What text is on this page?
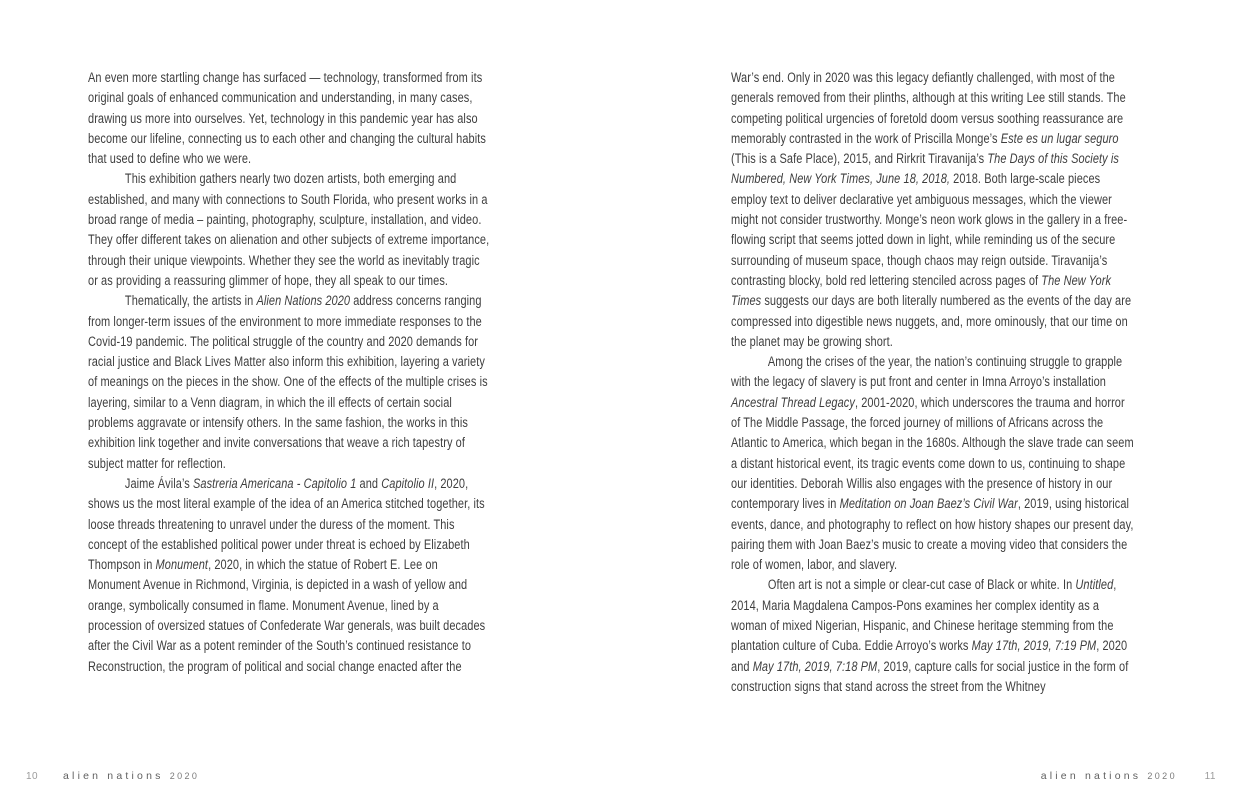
An even more startling change has surfaced — technology, transformed from its original goals of enhanced communication and understanding, in many cases, drawing us more into ourselves. Yet, technology in this pandemic year has also become our lifeline, connecting us to each other and changing the cultural habits that used to define who we were.

This exhibition gathers nearly two dozen artists, both emerging and established, and many with connections to South Florida, who present works in a broad range of media – painting, photography, sculpture, installation, and video. They offer different takes on alienation and other subjects of extreme importance, through their unique viewpoints. Whether they see the world as inevitably tragic or as providing a reassuring glimmer of hope, they all speak to our times.

Thematically, the artists in Alien Nations 2020 address concerns ranging from longer-term issues of the environment to more immediate responses to the Covid-19 pandemic. The political struggle of the country and 2020 demands for racial justice and Black Lives Matter also inform this exhibition, layering a variety of meanings on the pieces in the show. One of the effects of the multiple crises is layering, similar to a Venn diagram, in which the ill effects of certain social problems aggravate or intensify others. In the same fashion, the works in this exhibition link together and invite conversations that weave a rich tapestry of subject matter for reflection.

Jaime Ávila’s Sastreria Americana - Capitolio 1 and Capitolio II, 2020, shows us the most literal example of the idea of an America stitched together, its loose threads threatening to unravel under the duress of the moment. This concept of the established political power under threat is echoed by Elizabeth Thompson in Monument, 2020, in which the statue of Robert E. Lee on Monument Avenue in Richmond, Virginia, is depicted in a wash of yellow and orange, symbolically consumed in flame. Monument Avenue, lined by a procession of oversized statues of Confederate War generals, was built decades after the Civil War as a potent reminder of the South’s continued resistance to Reconstruction, the program of political and social change enacted after the

War’s end. Only in 2020 was this legacy defiantly challenged, with most of the generals removed from their plinths, although at this writing Lee still stands. The competing political urgencies of foretold doom versus soothing reassurance are memorably contrasted in the work of Priscilla Monge’s Este es un lugar seguro (This is a Safe Place), 2015, and Rirkrit Tiravanija’s The Days of this Society is Numbered, New York Times, June 18, 2018, 2018. Both large-scale pieces employ text to deliver declarative yet ambiguous messages, which the viewer might not consider trustworthy. Monge’s neon work glows in the gallery in a free-flowing script that seems jotted down in light, while reminding us of the secure surrounding of museum space, though chaos may reign outside. Tiravanija’s contrasting blocky, bold red lettering stenciled across pages of The New York Times suggests our days are both literally numbered as the events of the day are compressed into digestible news nuggets, and, more ominously, that our time on the planet may be growing short.

Among the crises of the year, the nation’s continuing struggle to grapple with the legacy of slavery is put front and center in Imna Arroyo’s installation Ancestral Thread Legacy, 2001-2020, which underscores the trauma and horror of The Middle Passage, the forced journey of millions of Africans across the Atlantic to America, which began in the 1680s. Although the slave trade can seem a distant historical event, its tragic events come down to us, continuing to shape our identities. Deborah Willis also engages with the presence of history in our contemporary lives in Meditation on Joan Baez’s Civil War, 2019, using historical events, dance, and photography to reflect on how history shapes our present day, pairing them with Joan Baez’s music to create a moving video that considers the role of women, labor, and slavery.

Often art is not a simple or clear-cut case of Black or white. In Untitled, 2014, Maria Magdalena Campos-Pons examines her complex identity as a woman of mixed Nigerian, Hispanic, and Chinese heritage stemming from the plantation culture of Cuba. Eddie Arroyo’s works May 17th, 2019, 7:19 PM, 2020 and May 17th, 2019, 7:18 PM, 2019, capture calls for social justice in the form of construction signs that stand across the street from the Whitney

10 alien nations 2020	alien nations 2020	11
